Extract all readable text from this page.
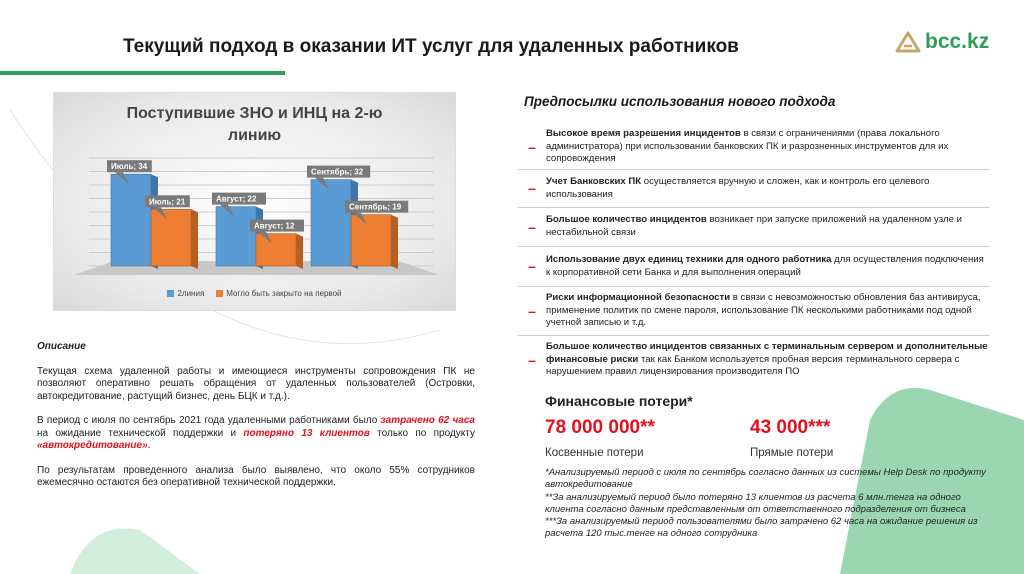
Текущий подход в оказании ИТ услуг для удаленных работников	bcc.kz
Июль; 34
Июль; 21	Август; 22
Август; 12
Сентябрь; 32
Сентябрь; 19
Поступившие ЗНО и ИНЦ на 2-ю линию
2линия	Могло быть закрыто на первой

Описание

Текущая схема удаленной работы и имеющиеся инструменты сопровождения ПК не позволяют оперативно решать обращения от удаленных пользователей (Островки, автокредитование, растущий бизнес, день БЦК и т.д.).

В период с июля по сентябрь 2021 года удаленными работниками было затрачено 62 часа на ожидание технической поддержки и потеряно 13 клиентов только по продукту «автокредитование».

По результатам проведенного анализа было выявлено, что около 55% сотрудников ежемесячно остаются без оперативной технической поддержки.

Предпосылки использования нового подхода
–
Высокое время разрешения инцидентов в связи с ограничениями (права локального администратора) при использовании банковских ПК и разрозненных инструментов для их сопровождения
–	Учет Банковских ПК осуществляется вручную и сложен, как и контроль его целевого использования
–	Большое количество инцидентов возникает при запуске приложений на удаленном узле и нестабильной связи
–	Использование двух единиц техники для одного работника для осуществления подключения к корпоративной сети Банка и для выполнения операций
–
Риски информационной безопасности в связи с невозможностью обновления баз антивируса, применение политик по смене пароля, использование ПК несколькими работниками под одной учетной записью и т.д.
–
Большое количество инцидентов связанных с терминальным сервером и дополнительные финансовые риски так как Банком используется пробная версия терминального сервера с нарушением правил лицензирования производителя ПО
Финансовые потери*
78 000 000**
Косвенные потери
43 000***
Прямые потери
*Анализируемый период с июля по сентябрь согласно данных из системы Help Desk по продукту автокредитование
**За анализируемый период было потеряно 13 клиентов из расчета 6 млн.тенга на одного клиента согласно данным представленным от ответственного подразделения от бизнеса
***За анализируемый период пользователями было затрачено 62 часа на ожидание решения из расчета 120 тыс.тенге на одного сотрудника
